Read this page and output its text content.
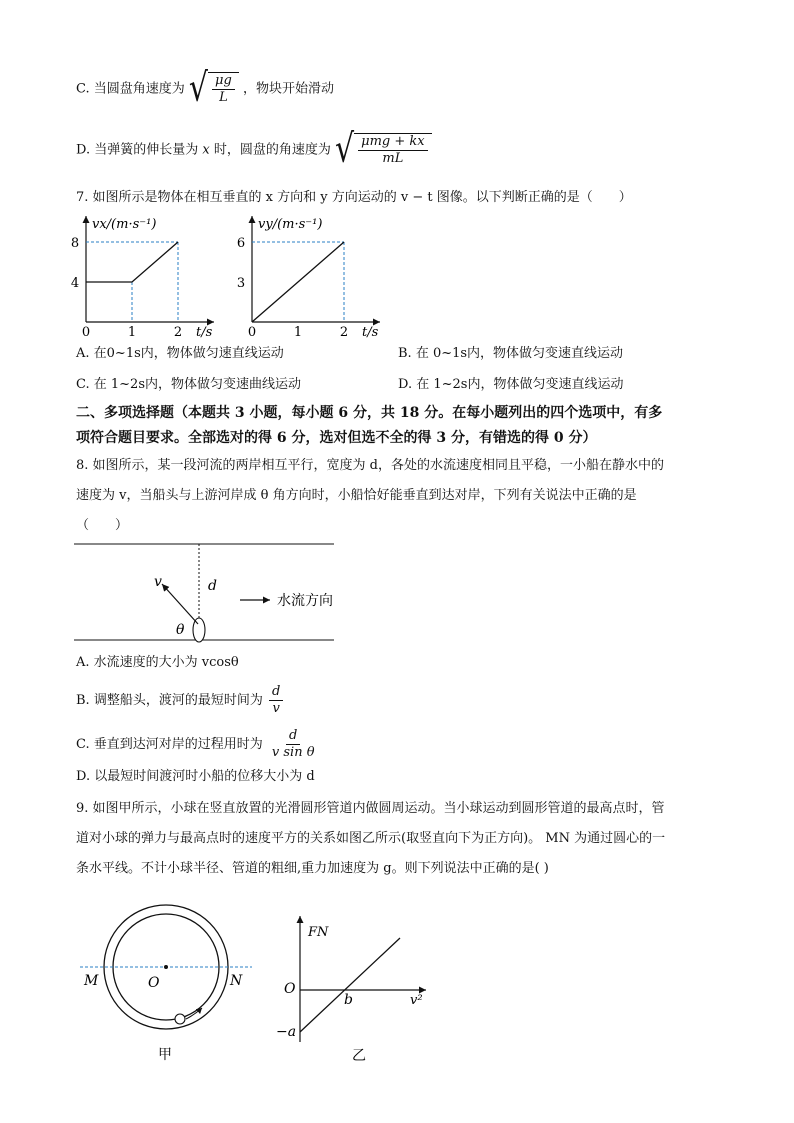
C. 当圆盘角速度为 √ $\frac{\mu g}{L}$ ，物块开始滑动
D. 当弹簧的伸长量为 x 时，圆盘的角速度为 √ $\frac{\text{μmg + kx}}{mL}$
7. 如图所示是物体在相互垂直的 x 方向和 y 方向运动的 v − t 图像。以下判断正确的是（　　）
vx/(m·s⁻¹)
8
4
0	1	2 t/s
vy/(m·s⁻¹)
6
3
0	1	2 t/s
A. 在0~1s内，物体做匀速直线运动	B. 在 0~1s内，物体做匀变速直线运动
C. 在 1~2s内，物体做匀变速曲线运动	D. 在 1~2s内，物体做匀变速直线运动
二、多项选择题（本题共 3 小题，每小题 6 分，共 18 分。在每小题列出的四个选项中，有多
项符合题目要求。全部选对的得 6 分，选对但选不全的得 3 分，有错选的得 0 分）
8. 如图所示，某一段河流的两岸相互平行，宽度为 d，各处的水流速度相同且平稳，一小船在静水中的
速度为 v，当船头与上游河岸成 θ 角方向时，小船恰好能垂直到达对岸，下列有关说法中正确的是
（　　）
v	d
θ
水流方向
A. 水流速度的大小为 vcosθ
B. 调整船头，渡河的最短时间为 $\frac{d}{v}$
C. 垂直到达河对岸的过程用时为 $\frac{d}{\text{v sin θ}}$
D. 以最短时间渡河时小船的位移大小为 d
9. 如图甲所示，小球在竖直放置的光滑圆形管道内做圆周运动。当小球运动到圆形管道的最高点时，管
道对小球的弹力与最高点时的速度平方的关系如图乙所示(取竖直向下为正方向)。 MN 为通过圆心的一
条水平线。不计小球半径、管道的粗细,重力加速度为 g。则下列说法中正确的是( )
M	N
O
甲
FN
O
b	v²
−a
乙
